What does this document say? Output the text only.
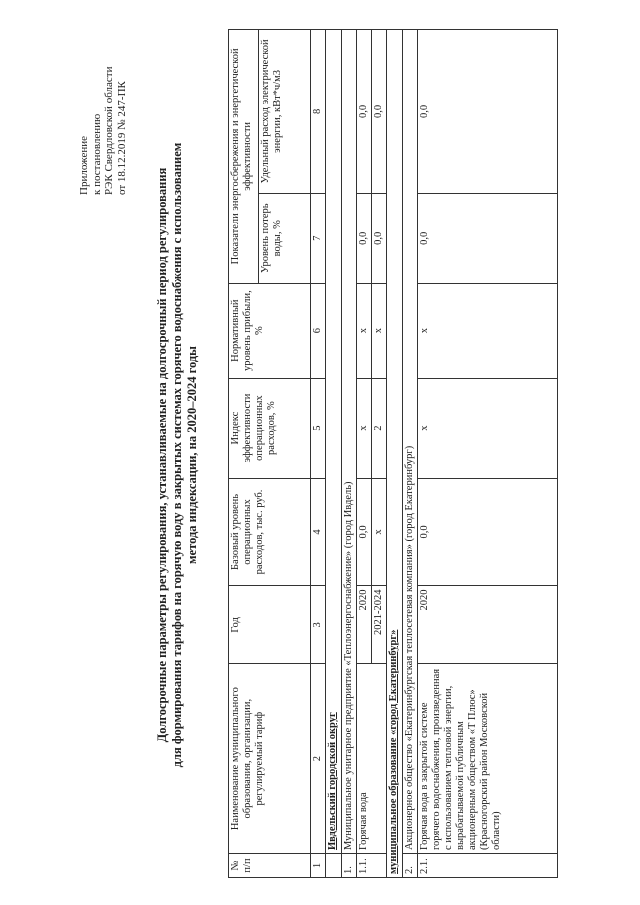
Приложение к постановлению РЭК Свердловской области от 18.12.2019 № 247-ПК
Долгосрочные параметры регулирования, устанавливаемые на долгосрочный период регулирования для формирования тарифов на горячую воду в закрытых системах горячего водоснабжения с использованием метода индексации, на 2020–2024 годы
№ п/п	Наименование муниципального образования, организации, регулируемый тариф	Год	Базовый уровень операционных расходов, тыс. руб.	Индекс эффективности операционных расходов, %	Нормативный уровень прибыли, %	Показатели энергосбережения и энергетической эффективности	
						Уровень потерь воды, %	Удельный расход электрической энергии, кВт*ч/м3
1	2	3	4	5	6	7	8
	Ивдельский городской округ						
1.	Муниципальное унитарное предприятие «Теплоэнергоснабжение» (город Ивдель)						
1.1.	Горячая вода	2020	0,0	x	x	0,0	0,0
		2021-2024	x	2	x	0,0	0,0
муниципальное образование «город Екатеринбург»							
2.	Акционерное общество «Екатеринбургская теплосетевая компания» (город Екатеринбург)						
2.1.	Горячая вода в закрытой системе горячего водоснабжения, произведенная с использованием тепловой энергии, вырабатываемой публичным акционерным обществом «Т Плюс» (Красногорский район Московской области)	2020	0,0	x	x	0,0	0,0
